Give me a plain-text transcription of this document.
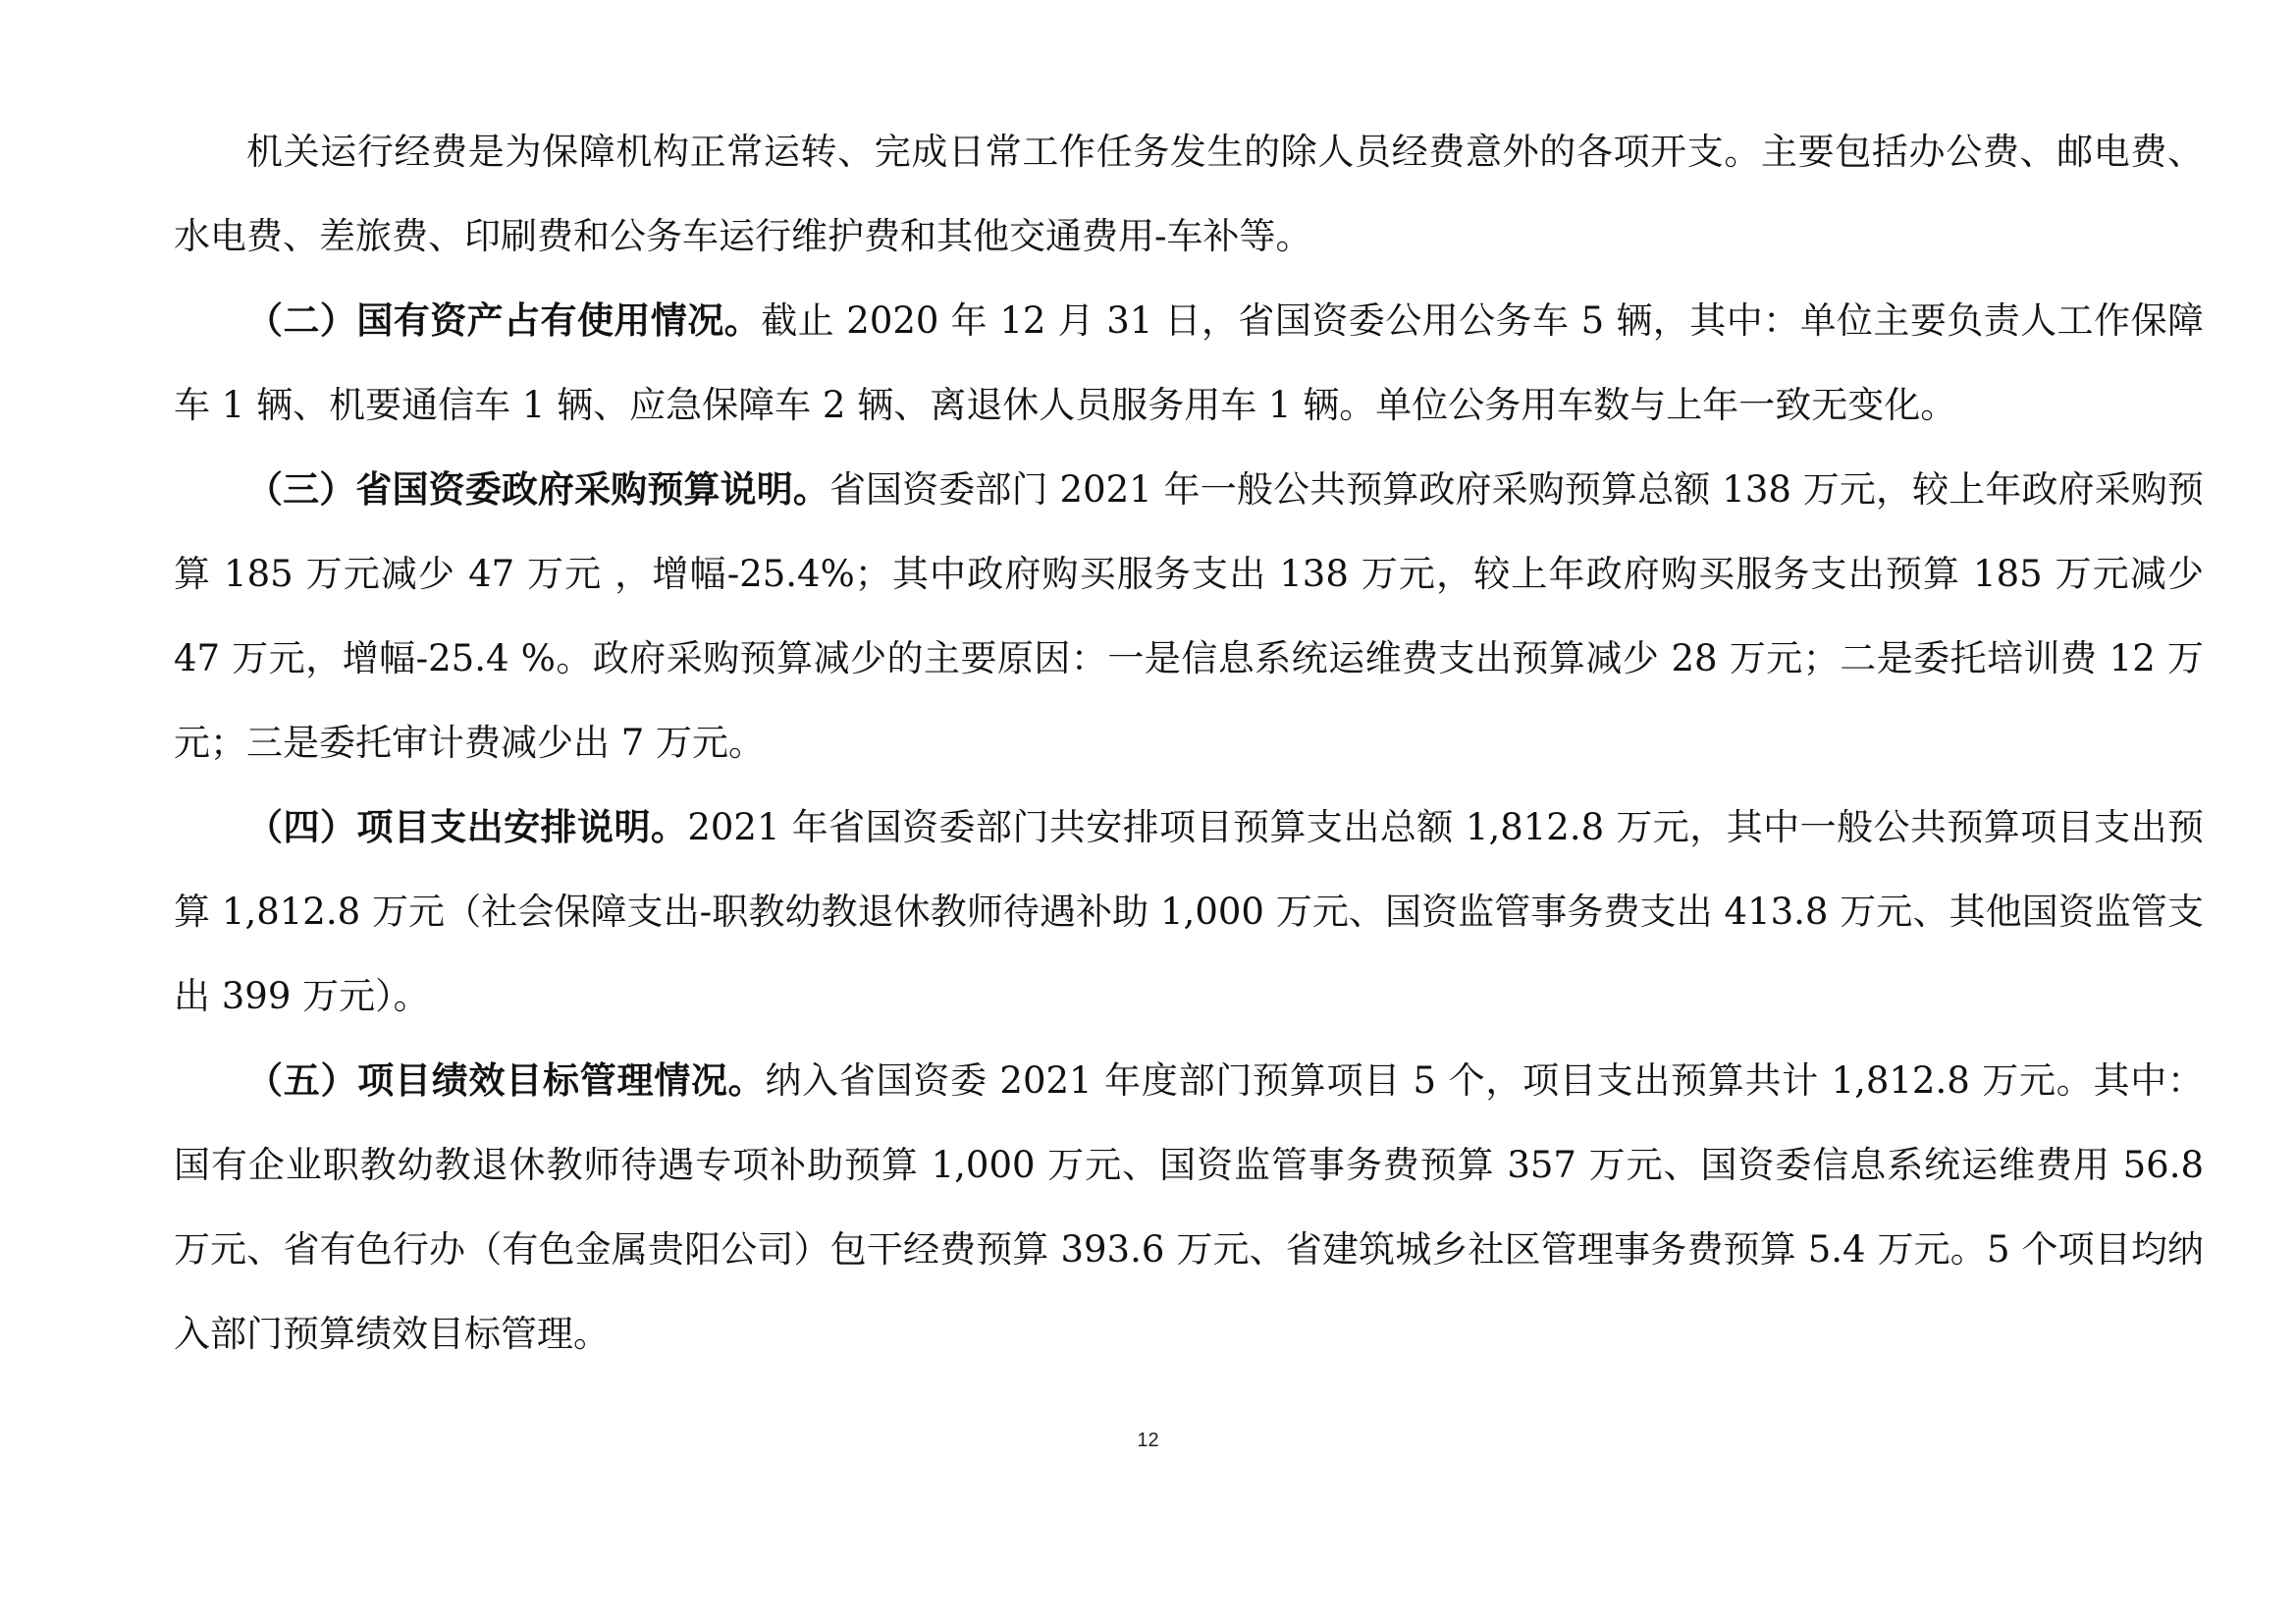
机关运行经费是为保障机构正常运转、完成日常工作任务发生的除人员经费意外的各项开支。主要包括办公费、邮电费、水电费、差旅费、印刷费和公务车运行维护费和其他交通费用-车补等。

（二）国有资产占有使用情况。截止 2020 年 12 月 31 日，省国资委公用公务车 5 辆，其中：单位主要负责人工作保障车 1 辆、机要通信车 1 辆、应急保障车 2 辆、离退休人员服务用车 1 辆。单位公务用车数与上年一致无变化。

（三）省国资委政府采购预算说明。省国资委部门 2021 年一般公共预算政府采购预算总额 138 万元，较上年政府采购预算 185 万元减少 47 万元 ，增幅-25.4%；其中政府购买服务支出 138 万元，较上年政府购买服务支出预算 185 万元减少 47 万元，增幅-25.4 %。政府采购预算减少的主要原因：一是信息系统运维费支出预算减少 28 万元；二是委托培训费 12 万元；三是委托审计费减少出 7 万元。

（四）项目支出安排说明。2021 年省国资委部门共安排项目预算支出总额 1,812.8 万元，其中一般公共预算项目支出预算 1,812.8 万元（社会保障支出-职教幼教退休教师待遇补助 1,000 万元、国资监管事务费支出 413.8 万元、其他国资监管支出 399 万元）。

（五）项目绩效目标管理情况。纳入省国资委 2021 年度部门预算项目 5 个，项目支出预算共计 1,812.8 万元。其中：国有企业职教幼教退休教师待遇专项补助预算 1,000 万元、国资监管事务费预算 357 万元、国资委信息系统运维费用 56.8 万元、省有色行办（有色金属贵阳公司）包干经费预算 393.6 万元、省建筑城乡社区管理事务费预算 5.4 万元。5 个项目均纳入部门预算绩效目标管理。

12
